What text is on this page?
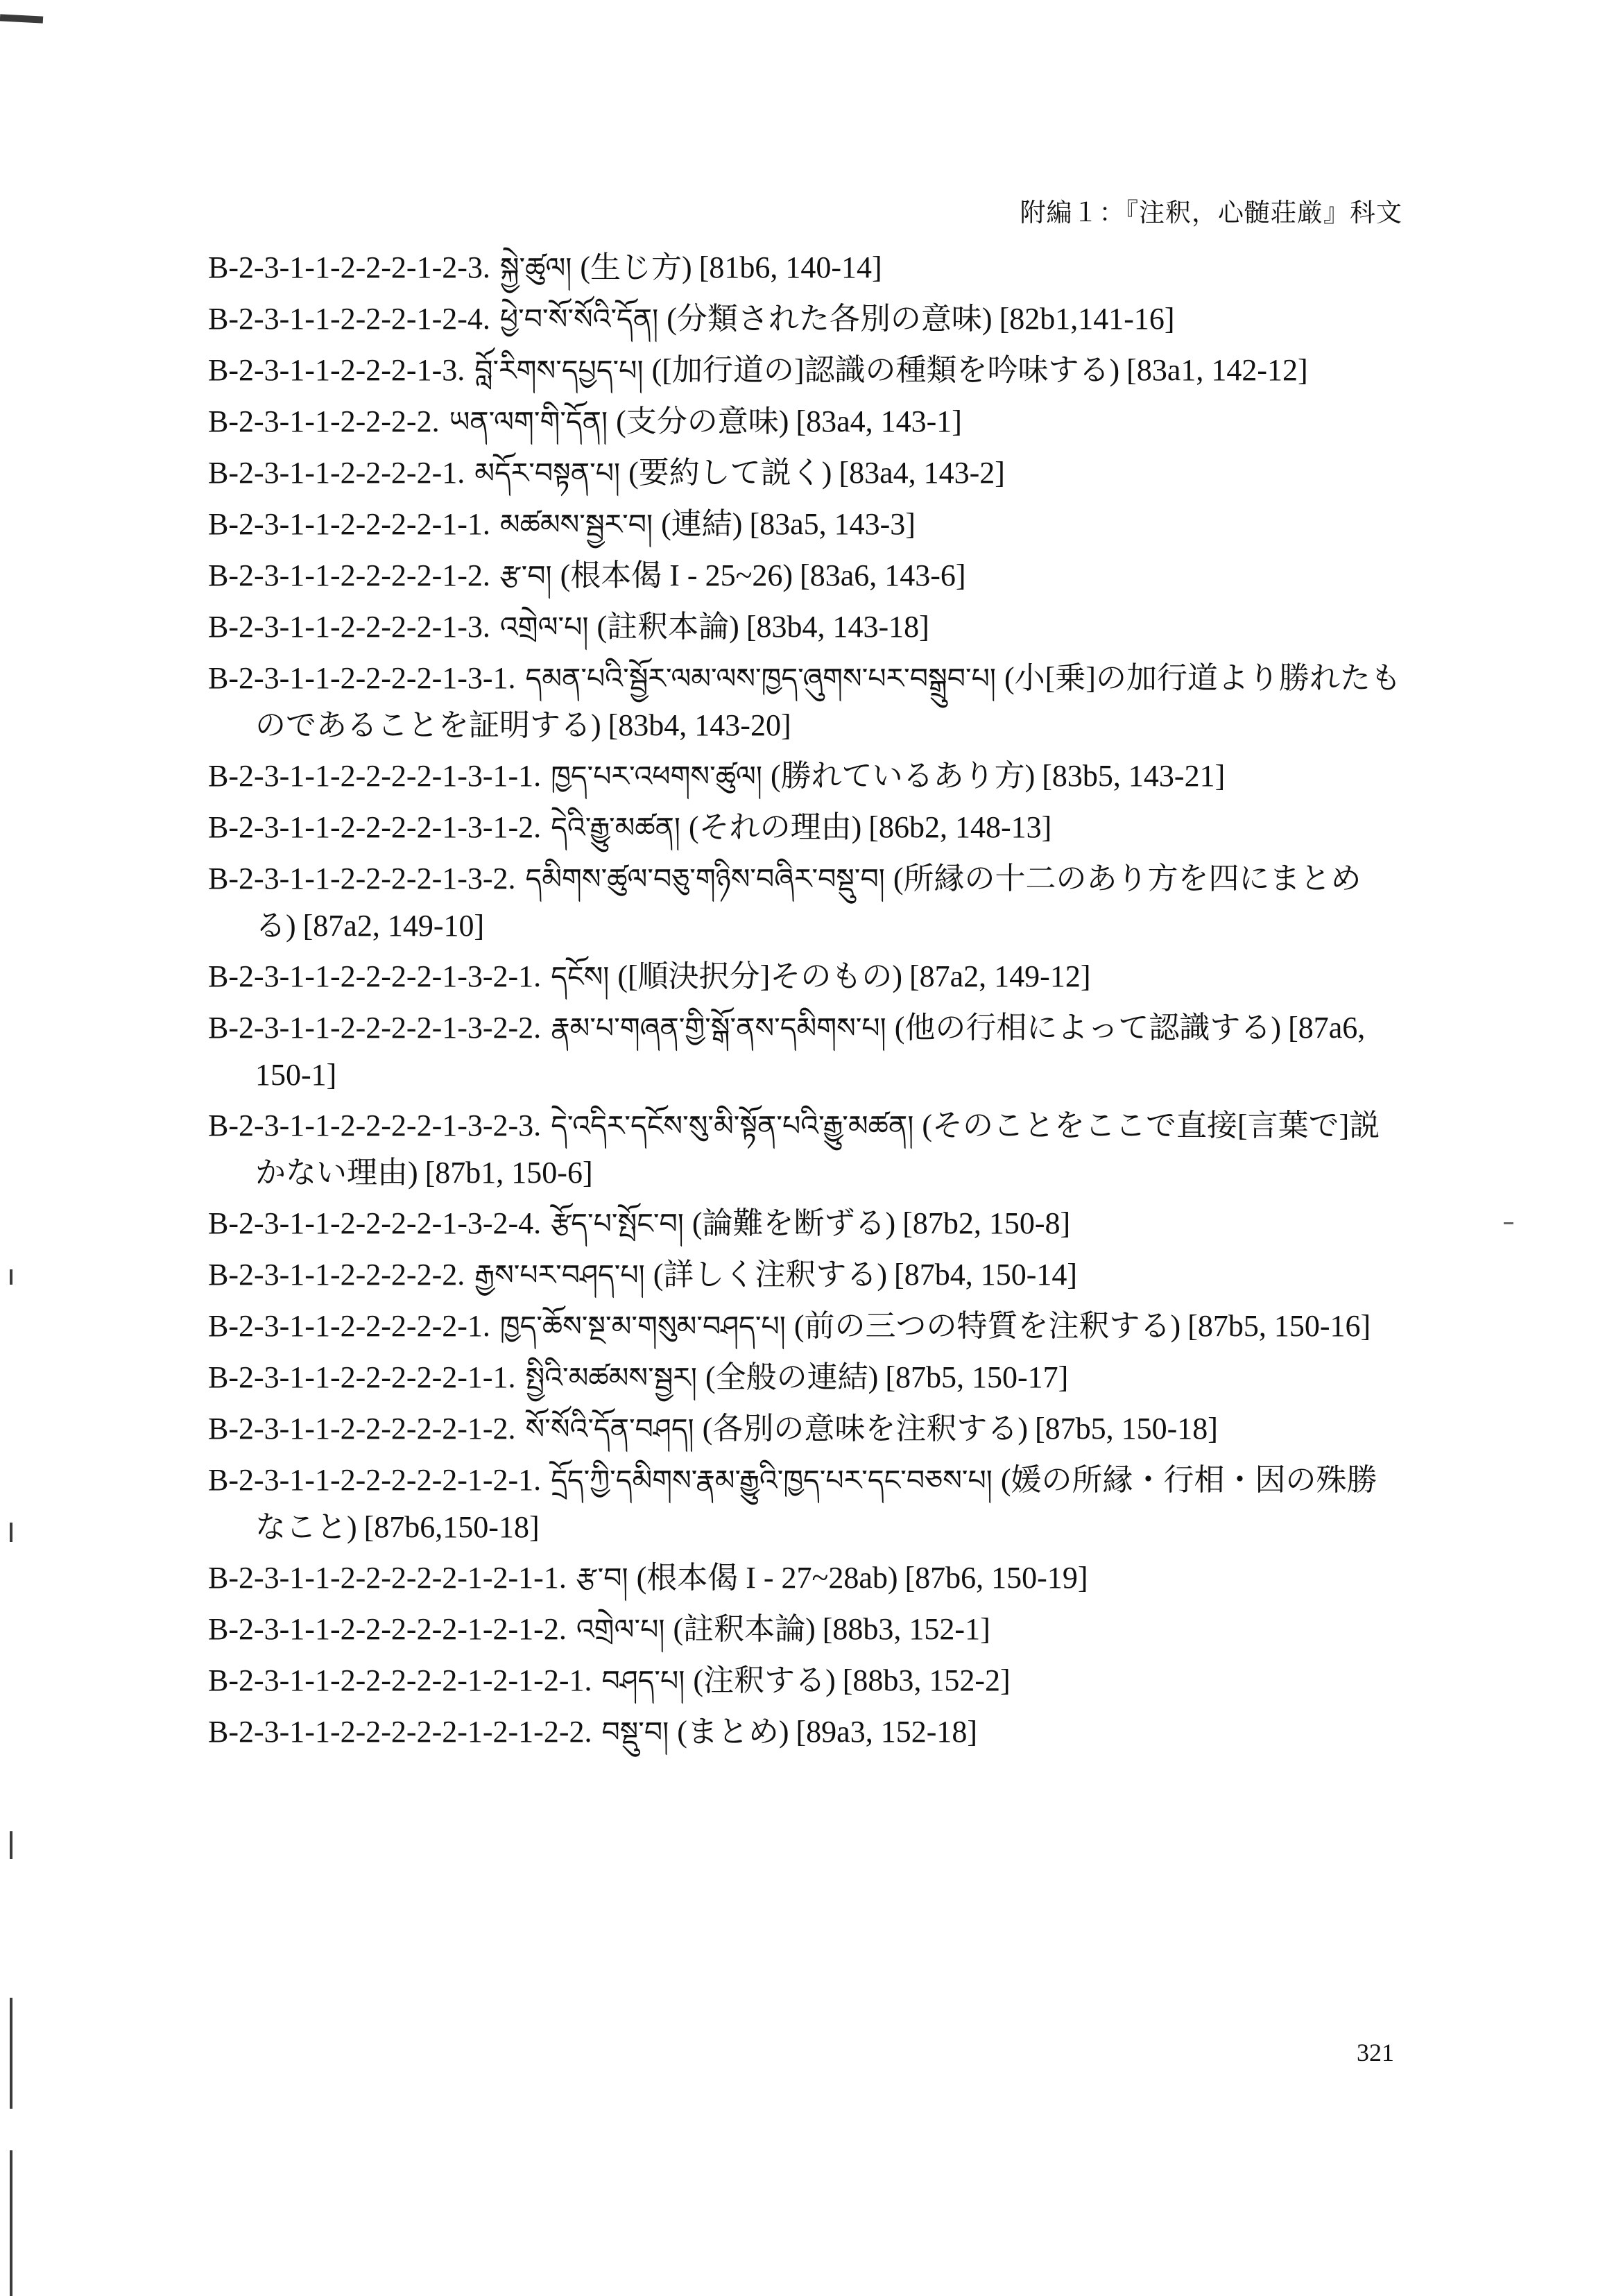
附編１：『注釈，心髄荘厳』科文
B-2-3-1-1-2-2-2-1-2-3. སྐྱེ་ཚུལ། (生じ方) [81b6, 140-14]
B-2-3-1-1-2-2-2-1-2-4. ཕྱེ་བ་སོ་སོའི་དོན། (分類された各別の意味) [82b1,141-16]
B-2-3-1-1-2-2-2-1-3. བློ་རིགས་དཔྱད་པ། ([加行道の]認識の種類を吟味する) [83a1, 142-12]
B-2-3-1-1-2-2-2-2. ཡན་ལག་གི་དོན། (支分の意味) [83a4, 143-1]
B-2-3-1-1-2-2-2-2-1. མདོར་བསྟན་པ། (要約して説く) [83a4, 143-2]
B-2-3-1-1-2-2-2-2-1-1. མཚམས་སྦྱར་བ། (連結) [83a5, 143-3]
B-2-3-1-1-2-2-2-2-1-2. རྩ་བ། (根本偈 I - 25~26) [83a6, 143-6]
B-2-3-1-1-2-2-2-2-1-3. འགྲེལ་པ། (註釈本論) [83b4, 143-18]
B-2-3-1-1-2-2-2-2-1-3-1. དམན་པའི་སྦྱོར་ལམ་ལས་ཁྱད་ཞུགས་པར་བསྒྲུབ་པ། (小[乗]の加行道より勝れたものであることを証明する) [83b4, 143-20]
B-2-3-1-1-2-2-2-2-1-3-1-1. ཁྱད་པར་འཕགས་ཚུལ། (勝れているあり方) [83b5, 143-21]
B-2-3-1-1-2-2-2-2-1-3-1-2. དེའི་རྒྱུ་མཚན། (それの理由) [86b2, 148-13]
B-2-3-1-1-2-2-2-2-1-3-2. དམིགས་ཚུལ་བཅུ་གཉིས་བཞིར་བསྡུ་བ། (所縁の十二のあり方を四にまとめる) [87a2, 149-10]
B-2-3-1-1-2-2-2-2-1-3-2-1. དངོས། ([順決択分]そのもの) [87a2, 149-12]
B-2-3-1-1-2-2-2-2-1-3-2-2. རྣམ་པ་གཞན་གྱི་སྒོ་ནས་དམིགས་པ། (他の行相によって認識する) [87a6, 150-1]
B-2-3-1-1-2-2-2-2-1-3-2-3. དེ་འདིར་དངོས་སུ་མི་སྟོན་པའི་རྒྱུ་མཚན། (そのことをここで直接[言葉で]説かない理由) [87b1, 150-6]
B-2-3-1-1-2-2-2-2-1-3-2-4. རྩོད་པ་སྤོང་བ། (論難を断ずる) [87b2, 150-8]
B-2-3-1-1-2-2-2-2-2. རྒྱས་པར་བཤད་པ། (詳しく注釈する) [87b4, 150-14]
B-2-3-1-1-2-2-2-2-2-1. ཁྱད་ཆོས་སྔ་མ་གསུམ་བཤད་པ། (前の三つの特質を注釈する) [87b5, 150-16]
B-2-3-1-1-2-2-2-2-2-1-1. སྤྱིའི་མཚམས་སྦྱར། (全般の連結) [87b5, 150-17]
B-2-3-1-1-2-2-2-2-2-1-2. སོ་སོའི་དོན་བཤད། (各別の意味を注釈する) [87b5, 150-18]
B-2-3-1-1-2-2-2-2-2-1-2-1. དྲོད་ཀྱི་དམིགས་རྣམ་རྒྱུའི་ཁྱད་པར་དང་བཅས་པ། (媛の所縁・行相・因の殊勝なこと) [87b6,150-18]
B-2-3-1-1-2-2-2-2-2-1-2-1-1. རྩ་བ། (根本偈 I - 27~28ab) [87b6, 150-19]
B-2-3-1-1-2-2-2-2-2-1-2-1-2. འགྲེལ་པ། (註釈本論) [88b3, 152-1]
B-2-3-1-1-2-2-2-2-2-1-2-1-2-1. བཤད་པ། (注釈する) [88b3, 152-2]
B-2-3-1-1-2-2-2-2-2-1-2-1-2-2. བསྡུ་བ། (まとめ) [89a3, 152-18]
321
